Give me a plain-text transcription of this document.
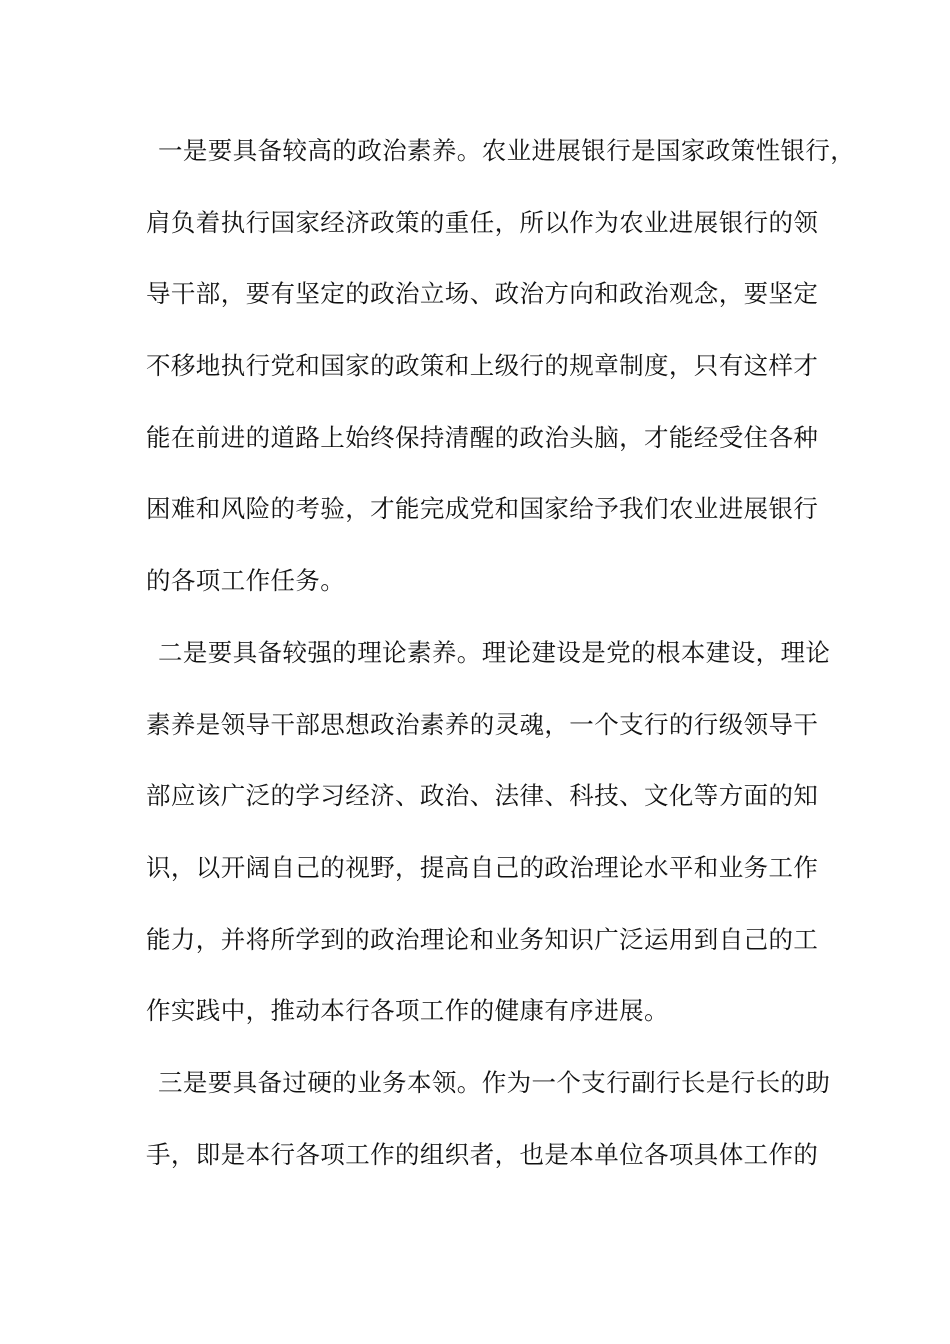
一是要具备较高的政治素养。农业进展银行是国家政策性银行，
肩负着执行国家经济政策的重任，所以作为农业进展银行的领
导干部，要有坚定的政治立场、政治方向和政治观念，要坚定
不移地执行党和国家的政策和上级行的规章制度，只有这样才
能在前进的道路上始终保持清醒的政治头脑，才能经受住各种
困难和风险的考验，才能完成党和国家给予我们农业进展银行
的各项工作任务。
二是要具备较强的理论素养。理论建设是党的根本建设，理论
素养是领导干部思想政治素养的灵魂，一个支行的行级领导干
部应该广泛的学习经济、政治、法律、科技、文化等方面的知
识，以开阔自己的视野，提高自己的政治理论水平和业务工作
能力，并将所学到的政治理论和业务知识广泛运用到自己的工
作实践中，推动本行各项工作的健康有序进展。
三是要具备过硬的业务本领。作为一个支行副行长是行长的助
手，即是本行各项工作的组织者，也是本单位各项具体工作的
